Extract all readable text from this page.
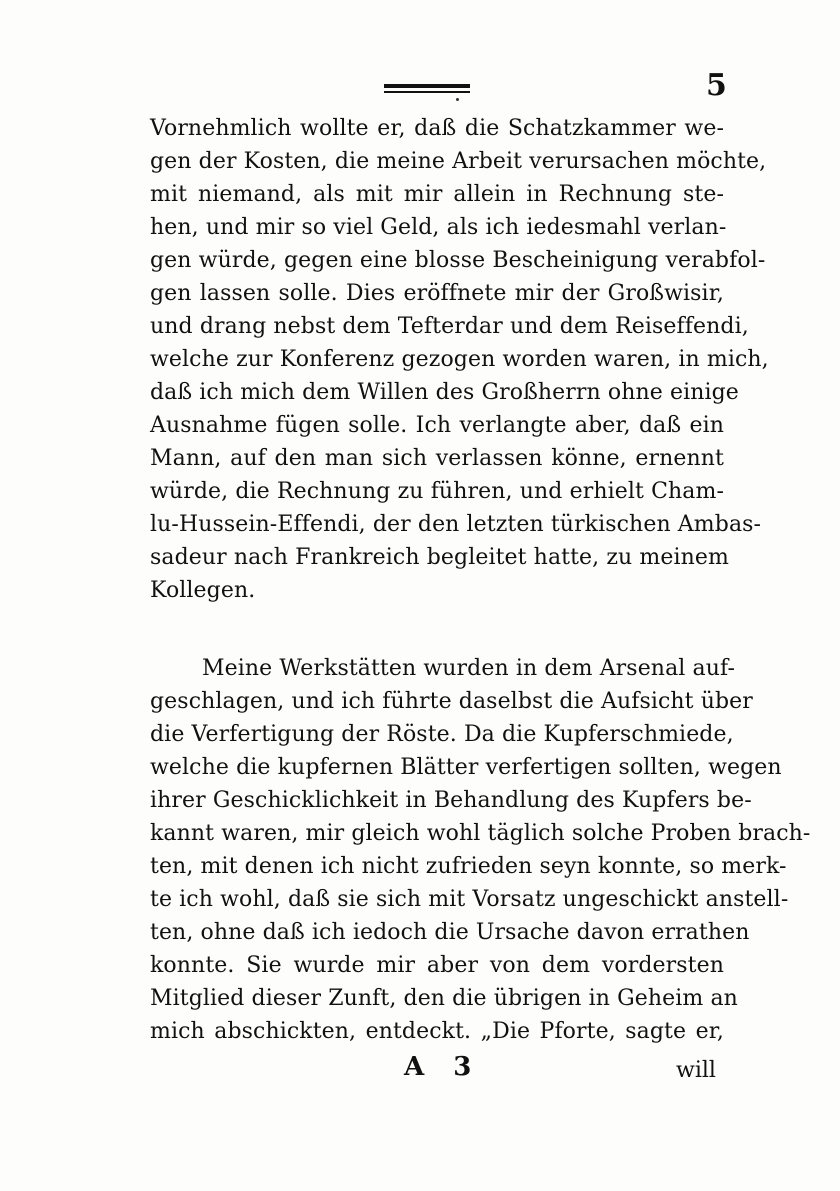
5
Vornehmlich wollte er, daß die Schatzkammer we-
gen der Kosten, die meine Arbeit verursachen möchte,
mit niemand, als mit mir allein in Rechnung ste-
hen, und mir so viel Geld, als ich iedesmahl verlan-
gen würde, gegen eine blosse Bescheinigung verabfol-
gen lassen solle. Dies eröffnete mir der Großwisir,
und drang nebst dem Tefterdar und dem Reiseffendi,
welche zur Konferenz gezogen worden waren, in mich,
daß ich mich dem Willen des Großherrn ohne einige
Ausnahme fügen solle. Ich verlangte aber, daß ein
Mann, auf den man sich verlassen könne, ernennt
würde, die Rechnung zu führen, und erhielt Cham-
lu-Hussein-Effendi, der den letzten türkischen Ambas-
sadeur nach Frankreich begleitet hatte, zu meinem
Kollegen.
Meine Werkstätten wurden in dem Arsenal auf-
geschlagen, und ich führte daselbst die Aufsicht über
die Verfertigung der Röste. Da die Kupferschmiede,
welche die kupfernen Blätter verfertigen sollten, wegen
ihrer Geschicklichkeit in Behandlung des Kupfers be-
kannt waren, mir gleich wohl täglich solche Proben brach-
ten, mit denen ich nicht zufrieden seyn konnte, so merk-
te ich wohl, daß sie sich mit Vorsatz ungeschickt anstell-
ten, ohne daß ich iedoch die Ursache davon errathen
konnte. Sie wurde mir aber von dem vordersten
Mitglied dieser Zunft, den die übrigen in Geheim an
mich abschickten, entdeckt. „Die Pforte, sagte er,
A 3	will
